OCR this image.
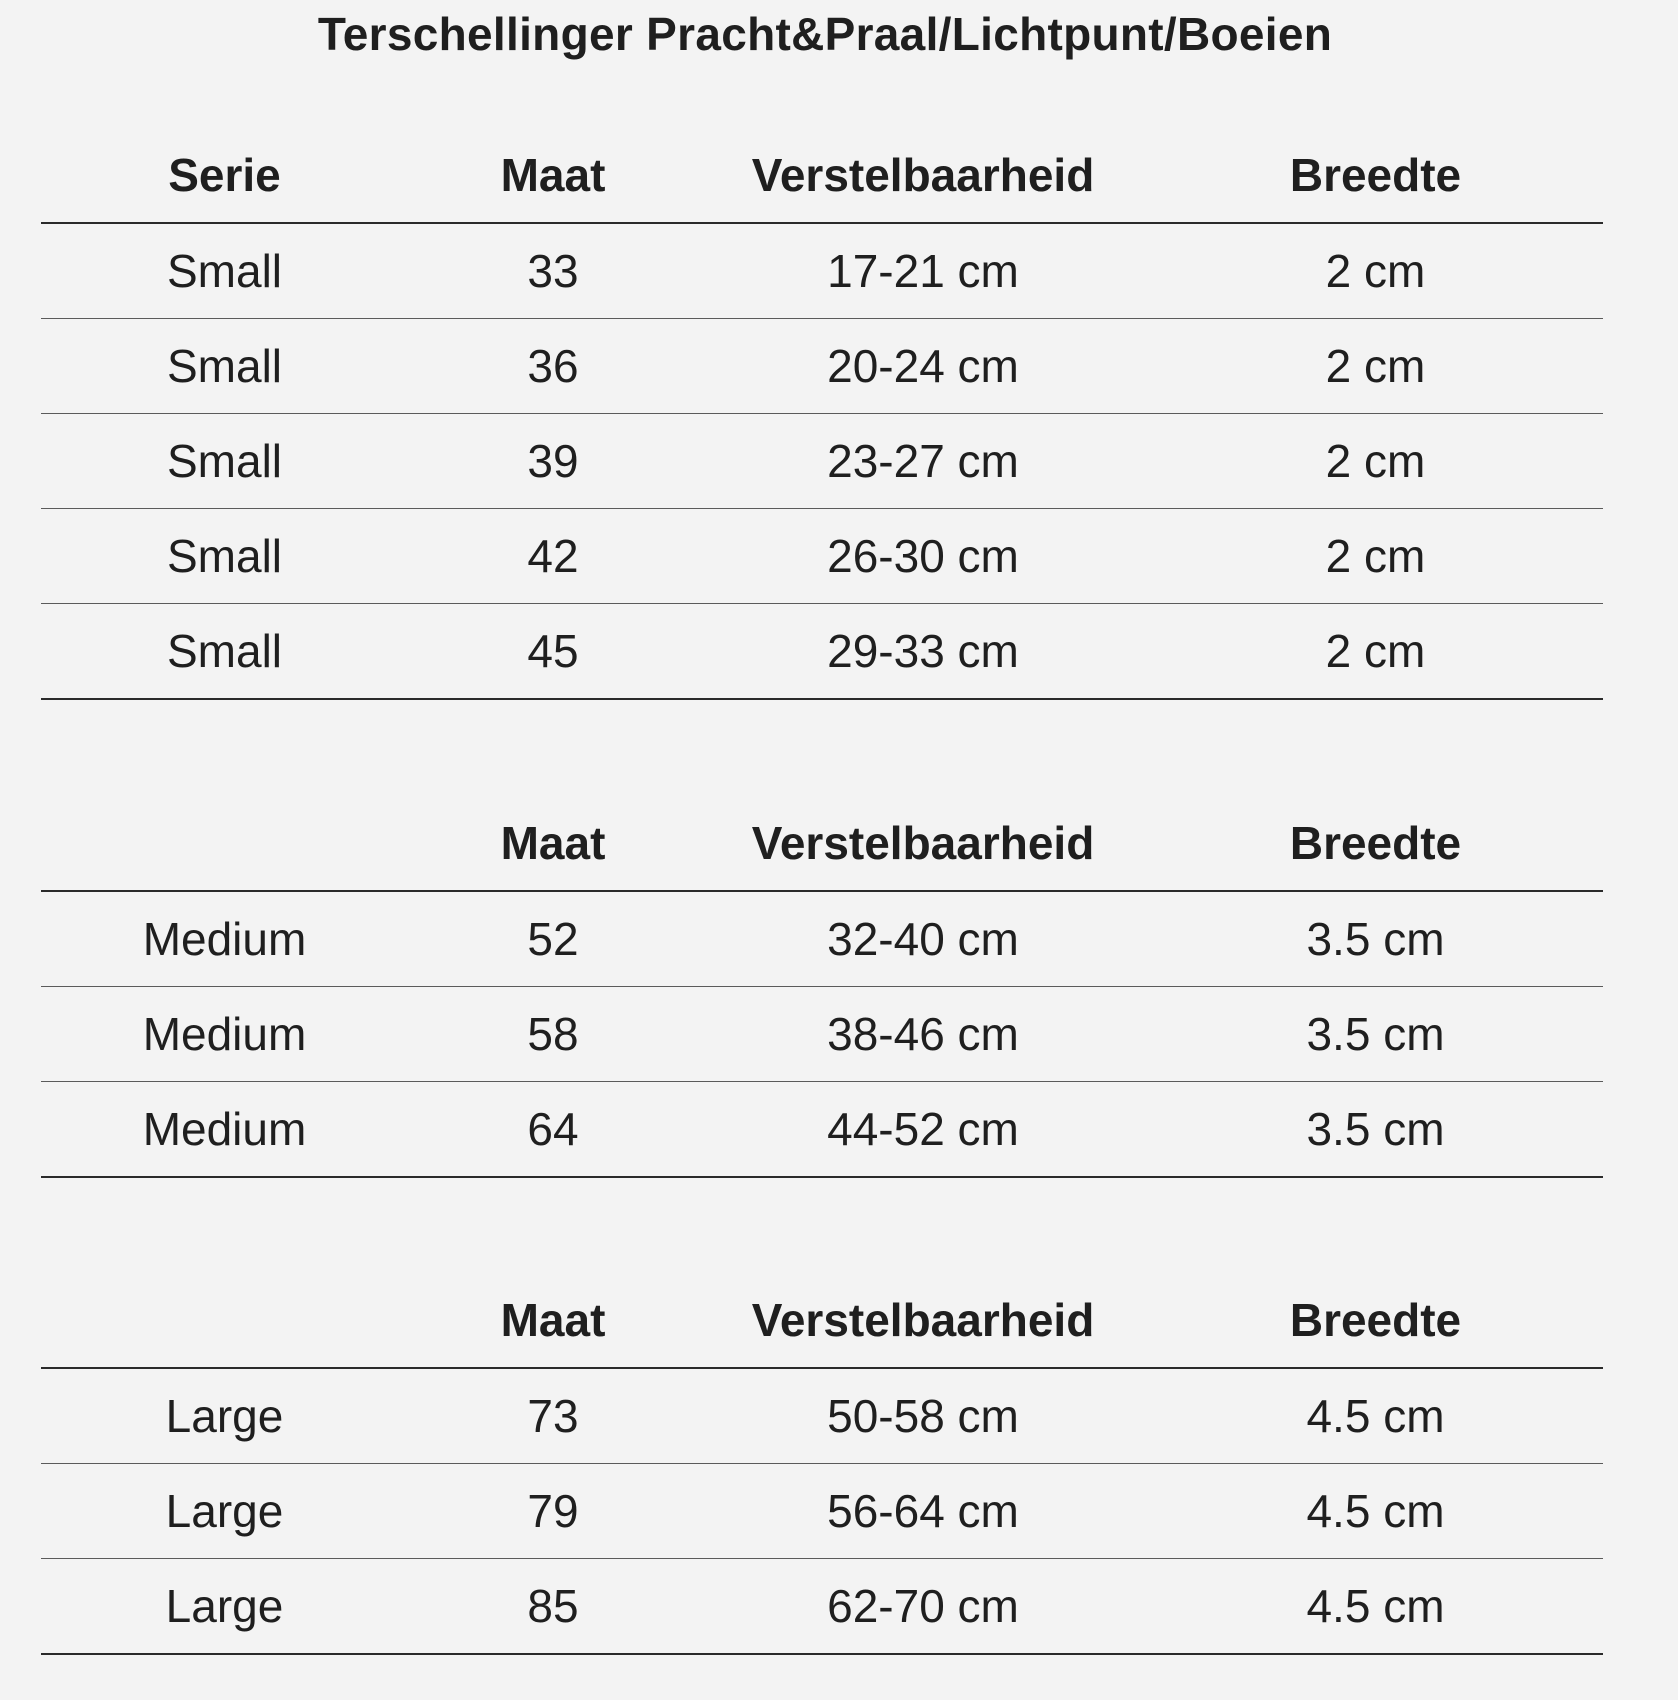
Terschellinger Pracht&Praal/Lichtpunt/Boeien
Serie	Maat	Verstelbaarheid	Breedte
Small	33	17-21 cm	2 cm
Small	36	20-24 cm	2 cm
Small	39	23-27 cm	2 cm
Small	42	26-30 cm	2 cm
Small	45	29-33 cm	2 cm
	Maat	Verstelbaarheid	Breedte
Medium	52	32-40 cm	3.5 cm
Medium	58	38-46 cm	3.5 cm
Medium	64	44-52 cm	3.5 cm
	Maat	Verstelbaarheid	Breedte
Large	73	50-58 cm	4.5 cm
Large	79	56-64 cm	4.5 cm
Large	85	62-70 cm	4.5 cm
